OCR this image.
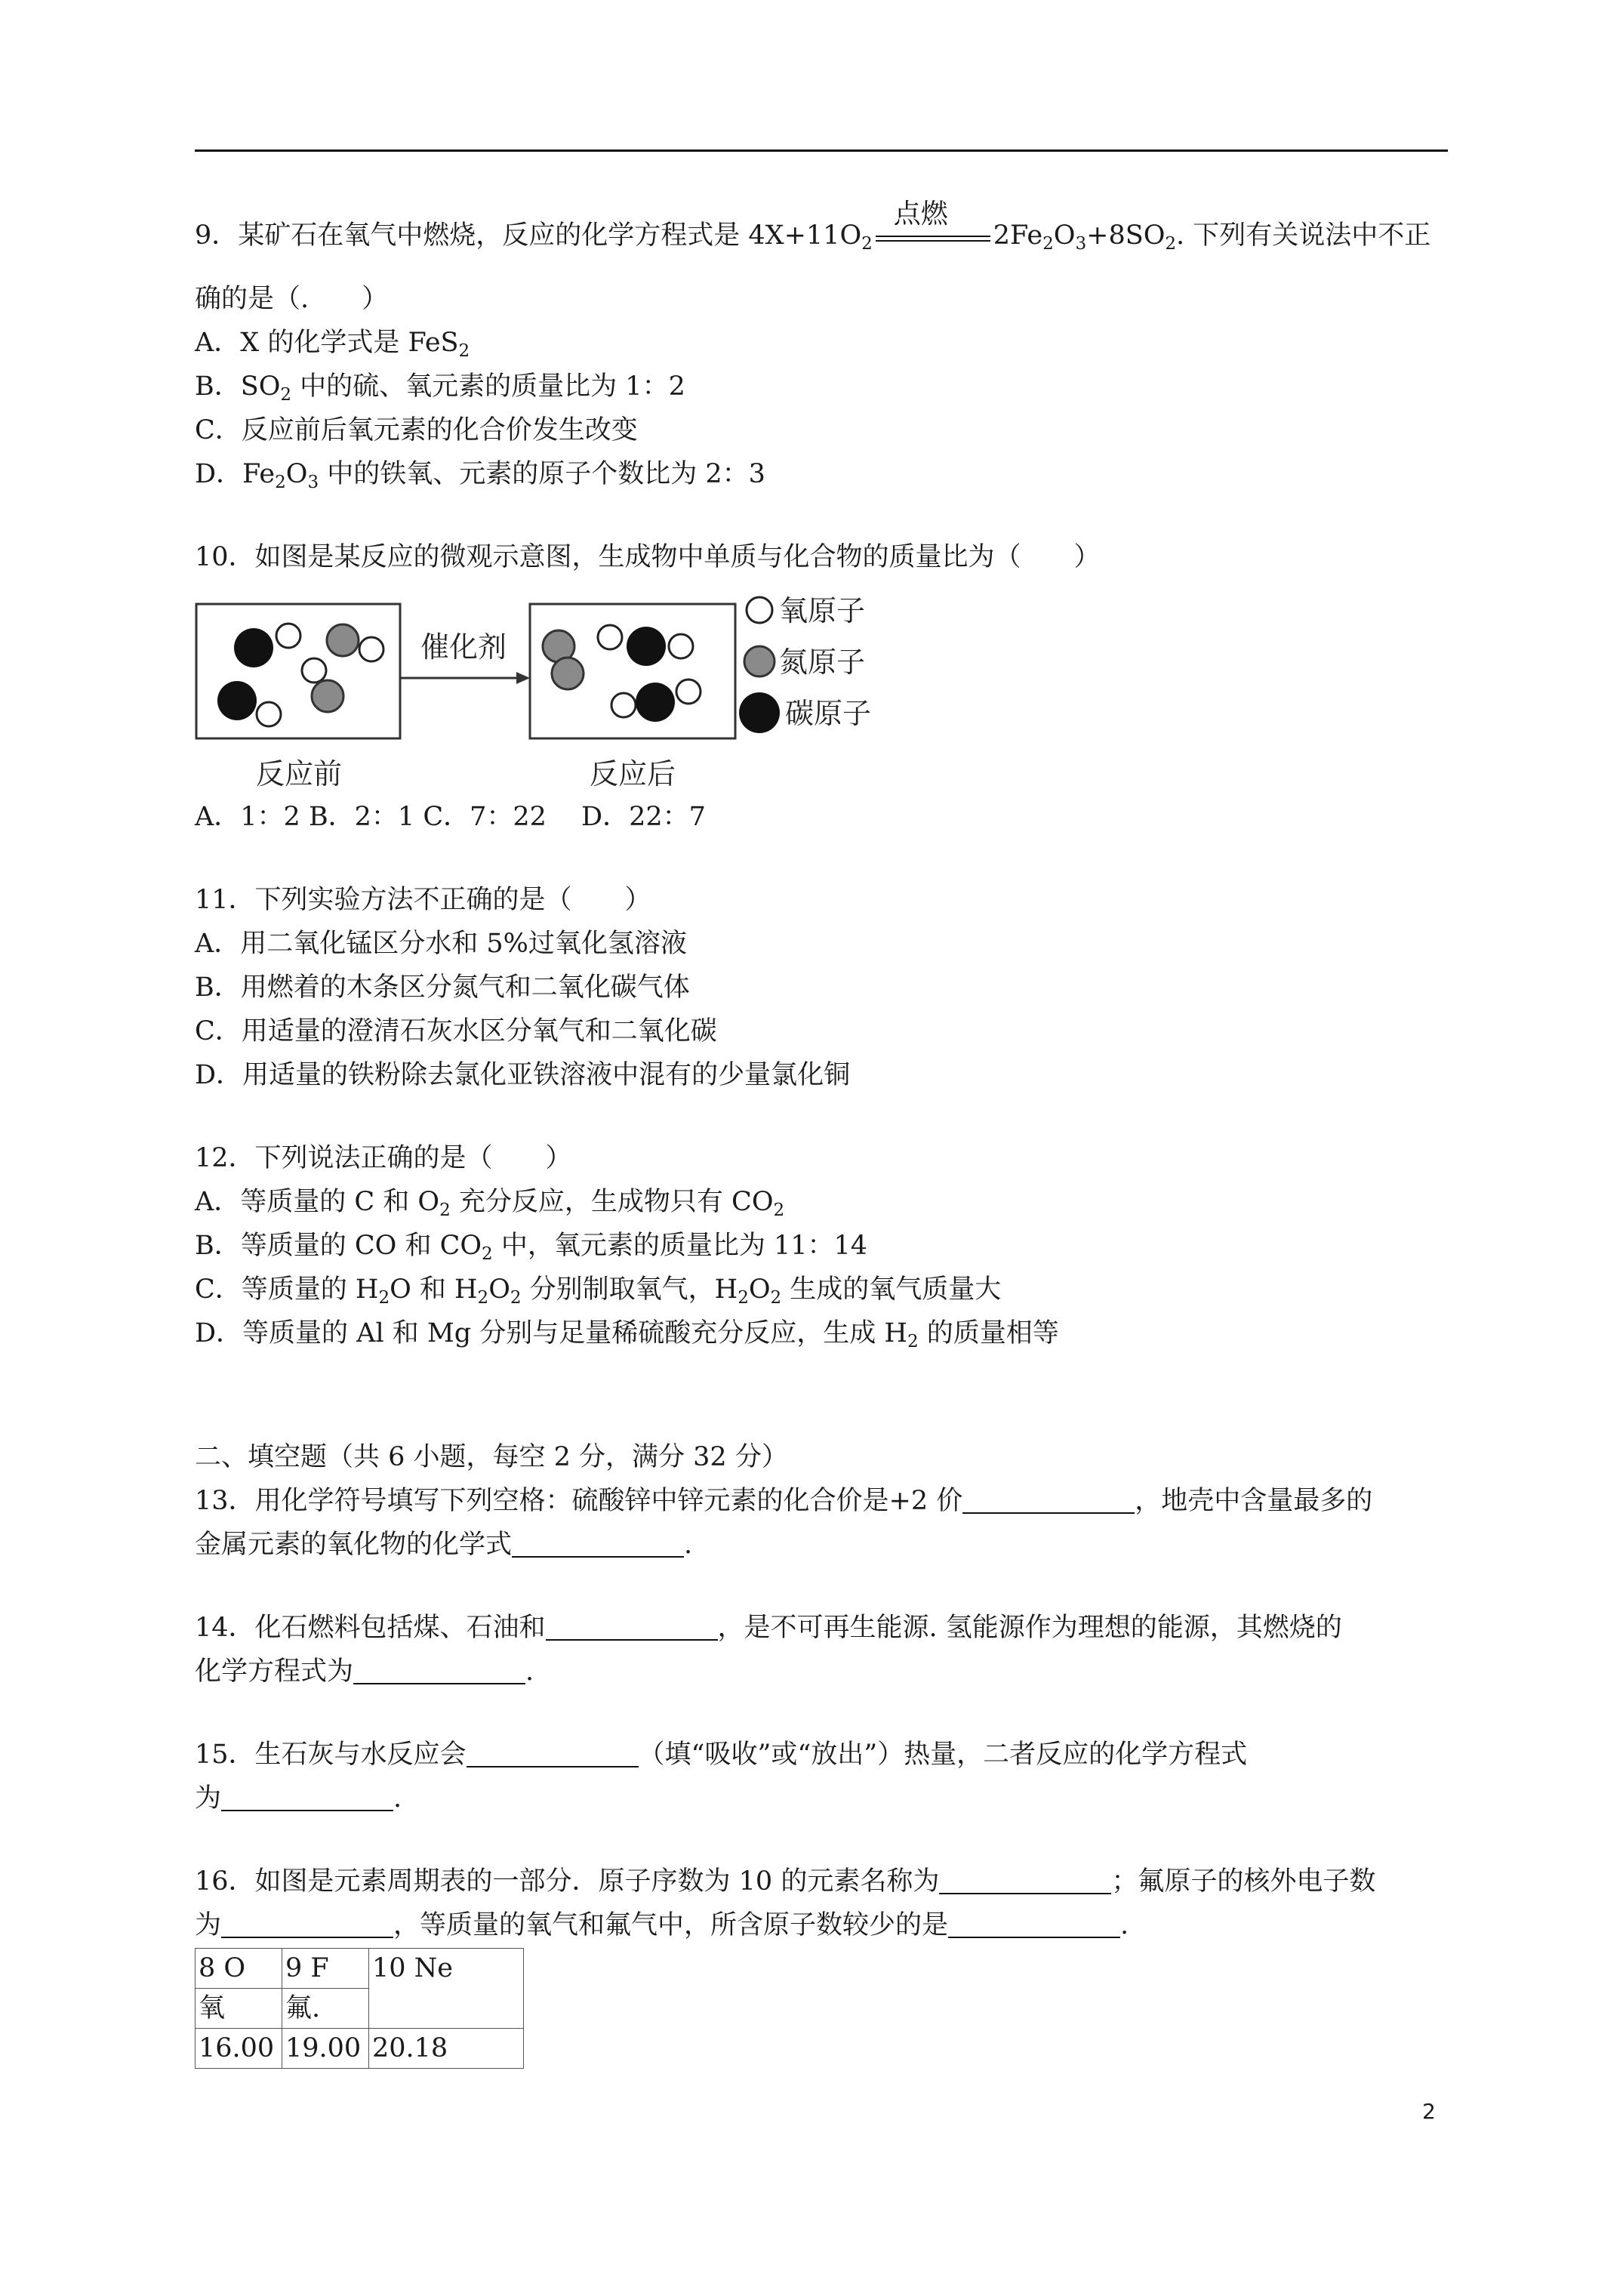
9．某矿石在氧气中燃烧，反应的化学方程式是 $4X+11O_2$
点燃
$2Fe_2O_3+8SO_2$. 下列有关说法中不正
确的是（.　　）
A．X 的化学式是 FeS$_2$
B．$SO_2$ 中的硫、氧元素的质量比为 1：2
C．反应前后氧元素的化合价发生改变
D．$Fe_2O_3$ 中的铁氧、元素的原子个数比为 2：3
10．如图是某反应的微观示意图，生成物中单质与化合物的质量比为（　　）
反应前
催化剂
反应后
氧原子
氮原子
碳原子
A．1：2 B．2：1 C．7：22　 D．22：7
11．下列实验方法不正确的是（　　）
A．用二氧化锰区分水和 5%过氧化氢溶液
B．用燃着的木条区分氮气和二氧化碳气体
C．用适量的澄清石灰水区分氧气和二氧化碳
D．用适量的铁粉除去氯化亚铁溶液中混有的少量氯化铜
12．下列说法正确的是（　　）
A．等质量的 C 和 $O_2$ 充分反应，生成物只有 $CO_2$
B．等质量的 CO 和 $CO_2$ 中，氧元素的质量比为 11：14
C．等质量的 $H_2O$ 和 $H_2O_2$ 分别制取氧气，$H_2O_2$ 生成的氧气质量大
D．等质量的 Al 和 Mg 分别与足量稀硫酸充分反应，生成 $H_2$ 的质量相等
二、填空题（共 6 小题，每空 2 分，满分 32 分）
13．用化学符号填写下列空格：硫酸锌中锌元素的化合价是+2 价	，地壳中含量最多的
金属元素的氧化物的化学式	.
14．化石燃料包括煤、石油和	，是不可再生能源. 氢能源作为理想的能源，其燃烧的
化学方程式为	.
15．生石灰与水反应会	（填“吸收”或“放出”）热量，二者反应的化学方程式
为	.
16．如图是元素周期表的一部分．原子序数为 10 的元素名称为	；氟原子的核外电子数
为	，等质量的氧气和氟气中，所含原子数较少的是	.
8 O	9 F	10 Ne
氧	氟.	
16.00	19.00	20.18
2
